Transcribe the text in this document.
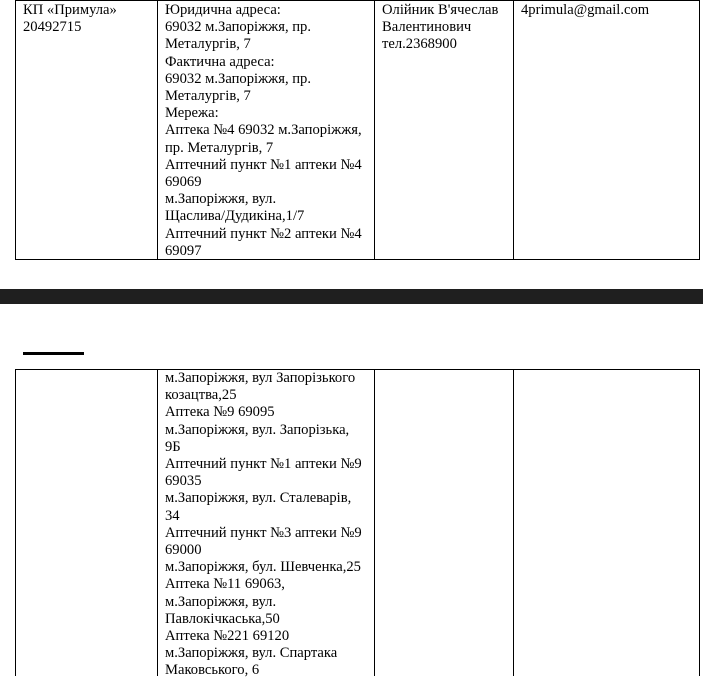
КП «Примула»
20492715
Юридична адреса:
69032 м.Запоріжжя, пр.
Металургів, 7
Фактична адреса:
69032 м.Запоріжжя, пр.
Металургів, 7
Мережа:
Аптека №4 69032 м.Запоріжжя,
пр. Металургів, 7
Аптечний пункт №1 аптеки №4
69069
м.Запоріжжя, вул.
Щаслива/Дудикіна,1/7
Аптечний пункт №2 аптеки №4
69097
Олійник В'ячеслав
Валентинович
тел.2368900
4primula@gmail.com
м.Запоріжжя, вул Запорізького
козацтва,25
Аптека №9 69095
м.Запоріжжя, вул. Запорізька,
9Б
Аптечний пункт №1 аптеки №9
69035
м.Запоріжжя, вул. Сталеварів,
34
Аптечний пункт №3 аптеки №9
69000
м.Запоріжжя, бул. Шевченка,25
Аптека №11 69063,
м.Запоріжжя, вул.
Павлокічкаська,50
Аптека №221 69120
м.Запоріжжя, вул. Спартака
Маковського, 6
